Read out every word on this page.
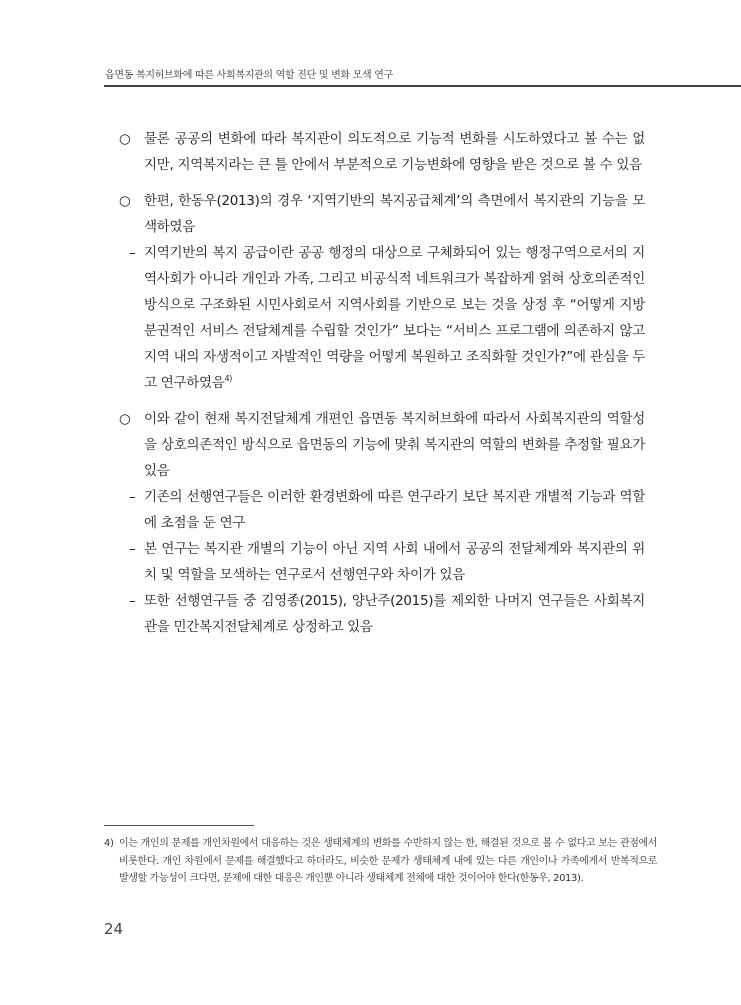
읍면동 복지허브화에 따른 사회복지관의 역할 진단 및 변화 모색 연구

○ 물론 공공의 변화에 따라 복지관이 의도적으로 기능적 변화를 시도하였다고 볼 수는 없지만, 지역복지라는 큰 틀 안에서 부분적으로 기능변화에 영향을 받은 것으로 볼 수 있음

○ 한편, 한동우(2013)의 경우 ‘지역기반의 복지공급체계’의 측면에서 복지관의 기능을 모색하였음

– 지역기반의 복지 공급이란 공공 행정의 대상으로 구체화되어 있는 행정구역으로서의 지역사회가 아니라 개인과 가족, 그리고 비공식적 네트워크가 복잡하게 얽혀 상호의존적인 방식으로 구조화된 시민사회로서 지역사회를 기반으로 보는 것을 상정 후 “어떻게 지방 분권적인 서비스 전달체계를 수립할 것인가” 보다는 “서비스 프로그램에 의존하지 않고 지역 내의 자생적이고 자발적인 역량을 어떻게 복원하고 조직화할 것인가?”에 관심을 두고 연구하였음$^{4)}$

○ 이와 같이 현재 복지전달체계 개편인 읍면동 복지허브화에 따라서 사회복지관의 역할성을 상호의존적인 방식으로 읍면동의 기능에 맞춰 복지관의 역할의 변화를 추정할 필요가 있음

– 기존의 선행연구들은 이러한 환경변화에 따른 연구라기 보단 복지관 개별적 기능과 역할에 초점을 둔 연구

– 본 연구는 복지관 개별의 기능이 아닌 지역 사회 내에서 공공의 전달체계와 복지관의 위치 및 역할을 모색하는 연구로서 선행연구와 차이가 있음

– 또한 선행연구들 중 김영종(2015), 양난주(2015)를 제외한 나머지 연구들은 사회복지관을 민간복지전달체계로 상정하고 있음

4) 이는 개인의 문제를 개인차원에서 대응하는 것은 생태체계의 변화를 수반하지 않는 한, 해결된 것으로 볼 수 없다고 보는 관점에서 비롯한다. 개인 차원에서 문제를 해결했다고 하더라도, 비슷한 문제가 생태체계 내에 있는 다른 개인이나 가족에게서 반복적으로 발생할 가능성이 크다면, 문제에 대한 대응은 개인뿐 아니라 생태체계 전체에 대한 것이어야 한다(한동우, 2013).
24
